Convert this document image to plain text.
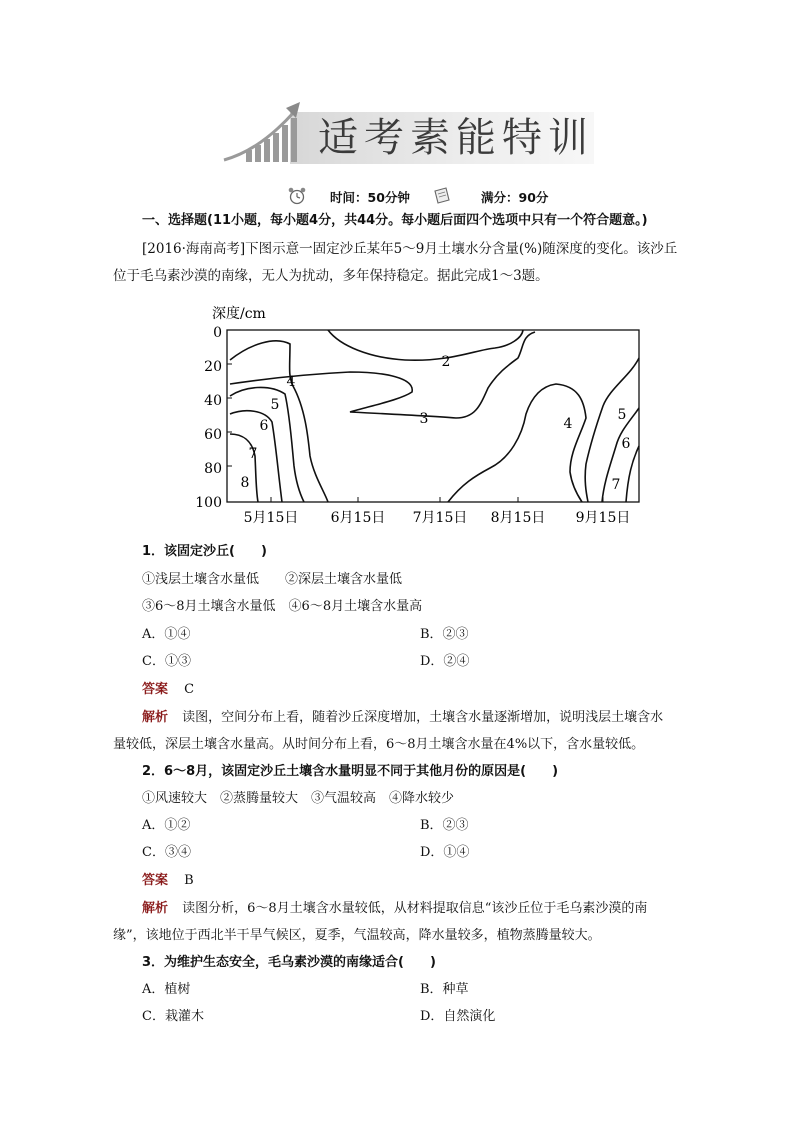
适考素能特训
时间：50分钟	满分：90分
一、选择题(11小题，每小题4分，共44分。每小题后面四个选项中只有一个符合题意。)
[2016·海南高考]下图示意一固定沙丘某年5～9月土壤水分含量(%)随深度的变化。该沙丘
位于毛乌素沙漠的南缘，无人为扰动，多年保持稳定。据此完成1～3题。
深度/cm
0
20
40
60
80
100
5月15日 6月15日 7月15日 8月15日 9月15日
2
3
4
4
5
5
6
6
7
7
8
1．该固定沙丘(　　)
①浅层土壤含水量低　　②深层土壤含水量低
③6～8月土壤含水量低　④6～8月土壤含水量高
A．①④	B．②③
C．①③	D．②④
答案 C
解析 读图，空间分布上看，随着沙丘深度增加，土壤含水量逐渐增加，说明浅层土壤含水
量较低，深层土壤含水量高。从时间分布上看，6～8月土壤含水量在4%以下，含水量较低。
2．6～8月，该固定沙丘土壤含水量明显不同于其他月份的原因是(　　)
①风速较大　②蒸腾量较大　③气温较高　④降水较少
A．①②	B．②③
C．③④	D．①④
答案 B
解析 读图分析，6～8月土壤含水量较低，从材料提取信息“该沙丘位于毛乌素沙漠的南
缘”，该地位于西北半干旱气候区，夏季，气温较高，降水量较多，植物蒸腾量较大。
3．为维护生态安全，毛乌素沙漠的南缘适合(　　)
A．植树	B．种草
C．栽灌木	D．自然演化
